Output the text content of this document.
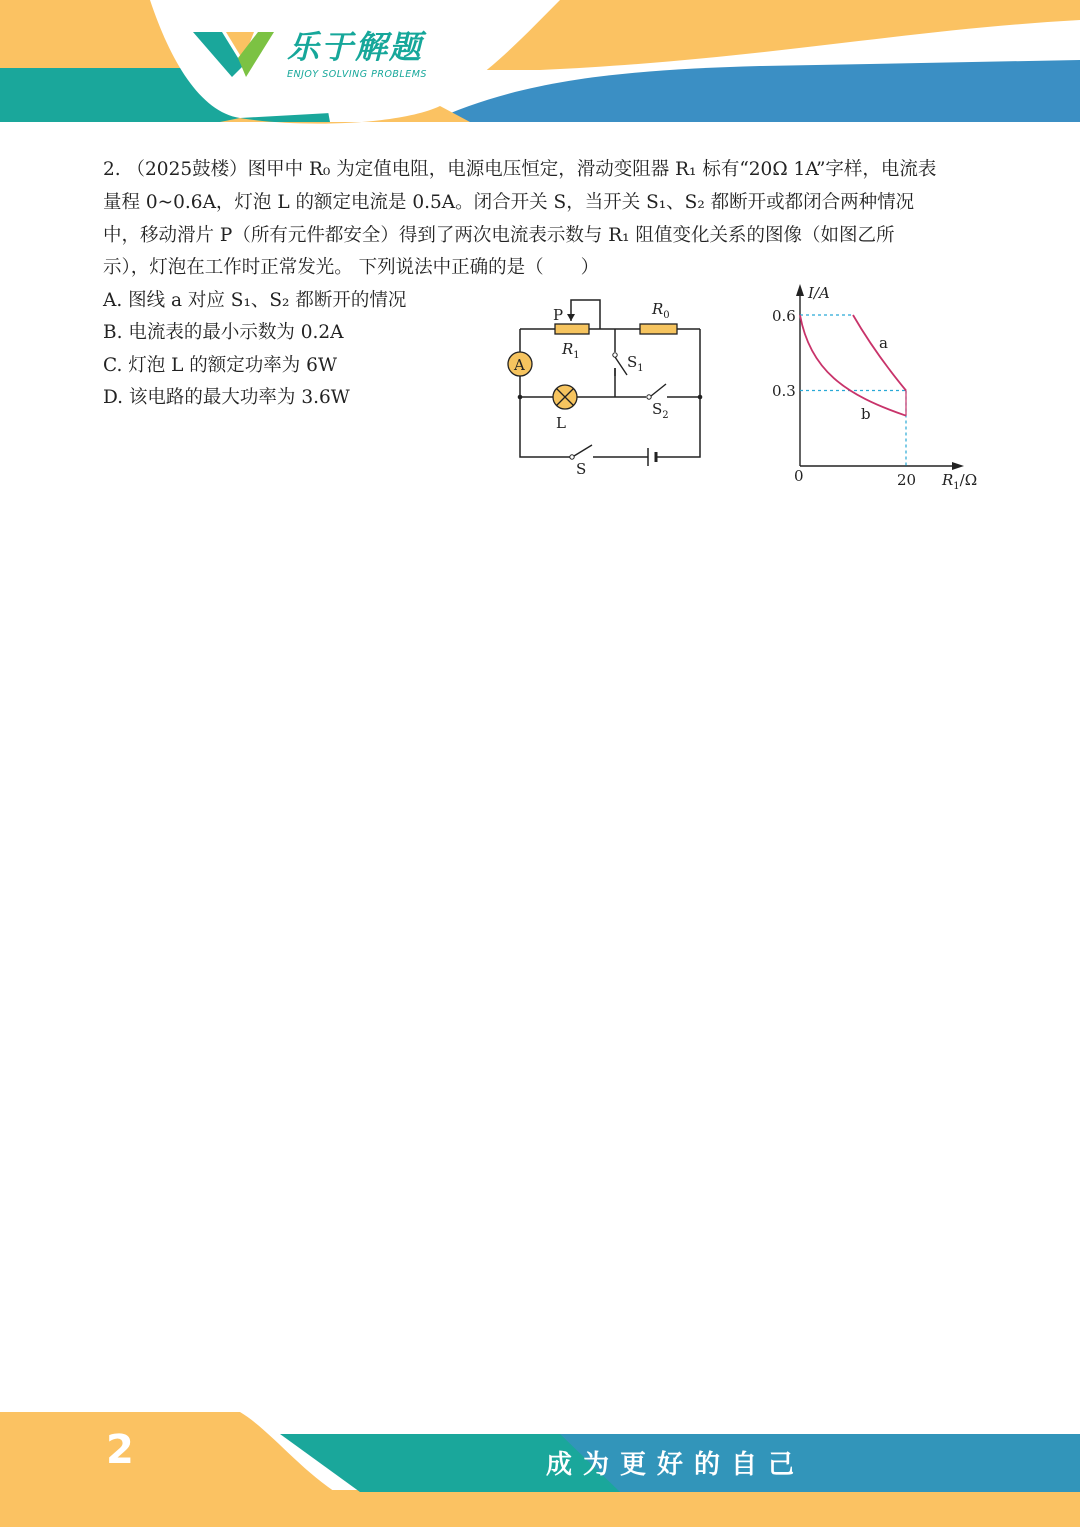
乐于解题
ENJOY SOLVING PROBLEMS
2. （2025鼓楼）图甲中 R₀ 为定值电阻，电源电压恒定，滑动变阻器 R₁ 标有“20Ω 1A”字样，电流表
量程 0~0.6A，灯泡 L 的额定电流是 0.5A。闭合开关 S，当开关 S₁、S₂ 都断开或都闭合两种情况
中，移动滑片 P（所有元件都安全）得到了两次电流表示数与 R₁ 阻值变化关系的图像（如图乙所
示），灯泡在工作时正常发光。 下列说法中正确的是（　　）
A. 图线 a 对应 S₁、S₂ 都断开的情况
B. 电流表的最小示数为 0.2A
C. 灯泡 L 的额定功率为 6W
D. 该电路的最大功率为 3.6W
A
P	$R_0$
$R_1$	$S_1$
$S_2$
L
S
I/A
$R_1/\Omega$
0
0.6
0.3
20
a
b
2	成为更好的自己
